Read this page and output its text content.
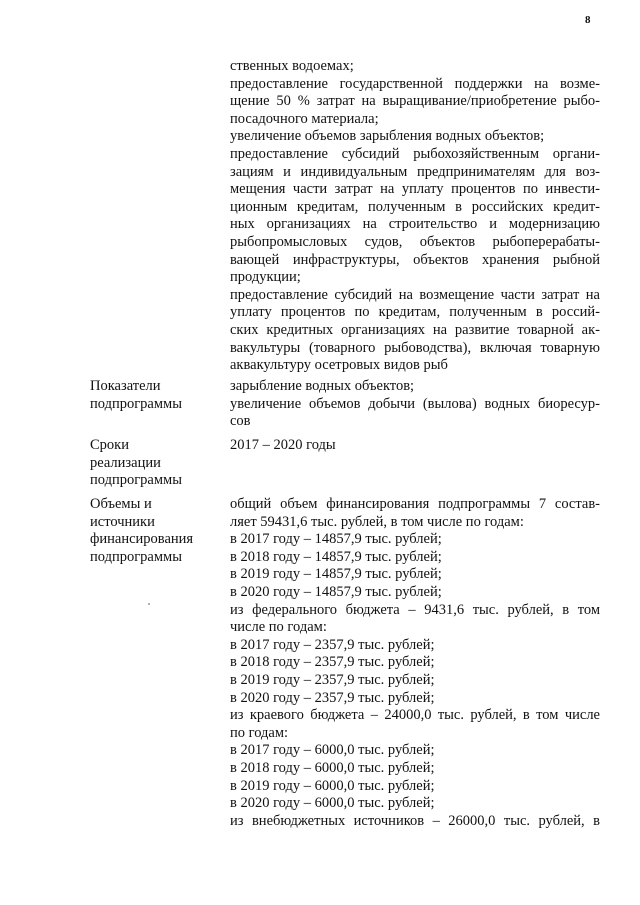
8
ственных водоемах;
предоставление государственной поддержки на возме-
щение 50 % затрат на выращивание/приобретение рыбо-
посадочного материала;
увеличение объемов зарыбления водных объектов;
предоставление субсидий рыбохозяйственным органи-
зациям и индивидуальным предпринимателям для воз-
мещения части затрат на уплату процентов по инвести-
ционным кредитам, полученным в российских кредит-
ных организациях на строительство и модернизацию
рыбопромысловых судов, объектов рыбоперерабаты-
вающей инфраструктуры, объектов хранения рыбной
продукции;
предоставление субсидий на возмещение части затрат на
уплату процентов по кредитам, полученным в россий-
ских кредитных организациях на развитие товарной ак-
вакультуры (товарного рыбоводства), включая товарную
аквакультуру осетровых видов рыб
Показатели
подпрограммы
зарыбление водных объектов;
увеличение объемов добычи (вылова) водных биоресур-
сов
Сроки
реализации
подпрограммы
2017 – 2020 годы
Объемы и
источники
финансирования
подпрограммы
общий объем финансирования подпрограммы 7 состав-
ляет 59431,6 тыс. рублей, в том числе по годам:
в 2017 году – 14857,9 тыс. рублей;
в 2018 году – 14857,9 тыс. рублей;
в 2019 году – 14857,9 тыс. рублей;
в 2020 году – 14857,9 тыс. рублей;
из федерального бюджета – 9431,6 тыс. рублей, в том
числе по годам:
в 2017 году – 2357,9 тыс. рублей;
в 2018 году – 2357,9 тыс. рублей;
в 2019 году – 2357,9 тыс. рублей;
в 2020 году – 2357,9 тыс. рублей;
из краевого бюджета – 24000,0 тыс. рублей, в том числе
по годам:
в 2017 году – 6000,0 тыс. рублей;
в 2018 году – 6000,0 тыс. рублей;
в 2019 году – 6000,0 тыс. рублей;
в 2020 году – 6000,0 тыс. рублей;
из внебюджетных источников – 26000,0 тыс. рублей, в
